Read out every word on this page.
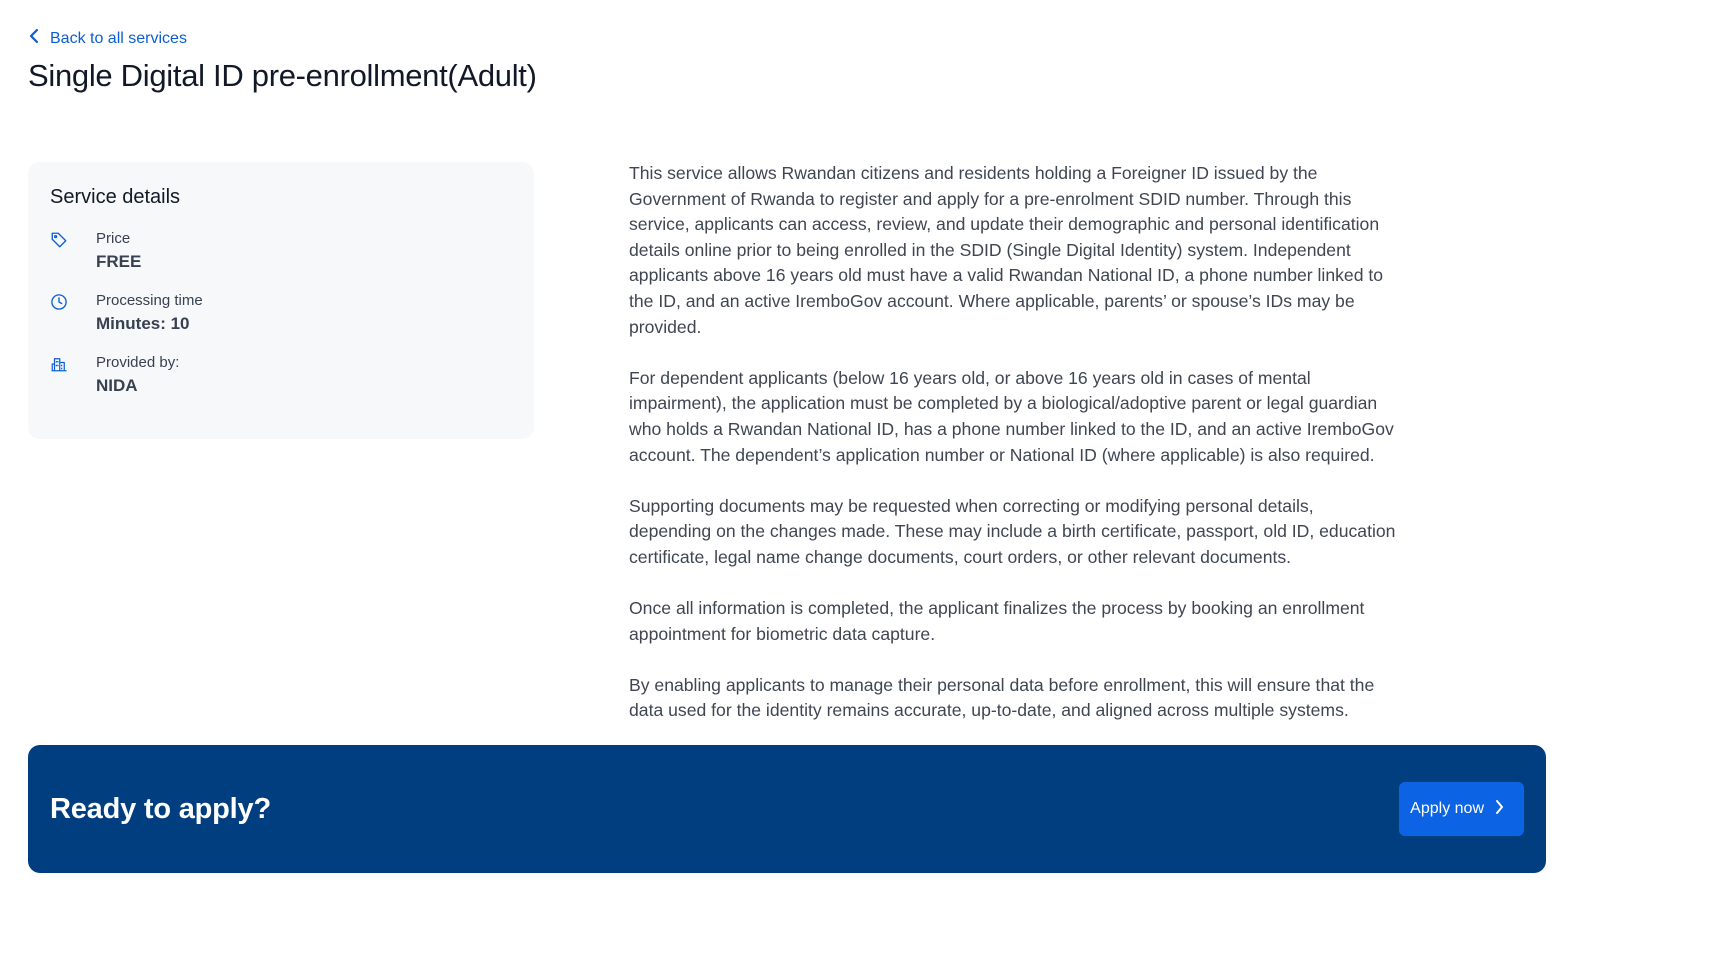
Back to all services
Single Digital ID pre-enrollment(Adult)
Service details
Price
FREE
Processing time
Minutes: 10
Provided by:
NIDA

This service allows Rwandan citizens and residents holding a Foreigner ID issued by the Government of Rwanda to register and apply for a pre-enrolment SDID number. Through this service, applicants can access, review, and update their demographic and personal identification details online prior to being enrolled in the SDID (Single Digital Identity) system. Independent applicants above 16 years old must have a valid Rwandan National ID, a phone number linked to the ID, and an active IremboGov account. Where applicable, parents’ or spouse’s IDs may be provided.

For dependent applicants (below 16 years old, or above 16 years old in cases of mental impairment), the application must be completed by a biological/adoptive parent or legal guardian who holds a Rwandan National ID, has a phone number linked to the ID, and an active IremboGov account. The dependent’s application number or National ID (where applicable) is also required.

Supporting documents may be requested when correcting or modifying personal details, depending on the changes made. These may include a birth certificate, passport, old ID, education certificate, legal name change documents, court orders, or other relevant documents.

Once all information is completed, the applicant finalizes the process by booking an enrollment appointment for biometric data capture.

By enabling applicants to manage their personal data before enrollment, this will ensure that the data used for the identity remains accurate, up-to-date, and aligned across multiple systems.

Ready to apply?	Apply now
